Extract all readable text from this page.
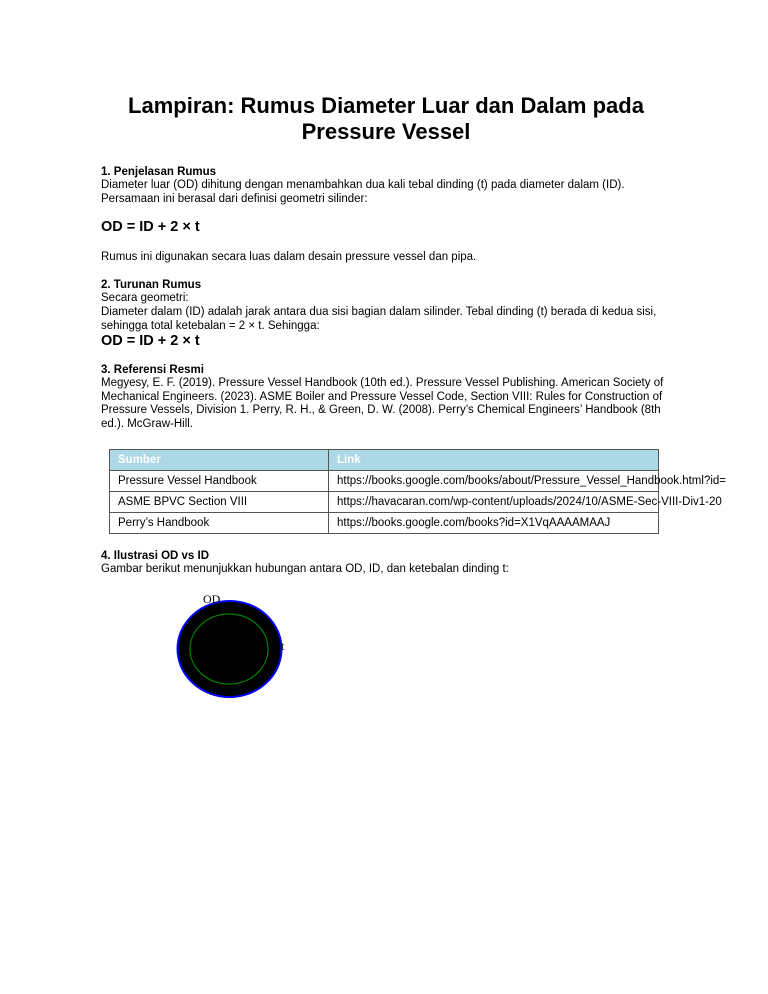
Lampiran: Rumus Diameter Luar dan Dalam pada Pressure Vessel
1. Penjelasan Rumus
Diameter luar (OD) dihitung dengan menambahkan dua kali tebal dinding (t) pada diameter dalam (ID). Persamaan ini berasal dari definisi geometri silinder:
OD = ID + 2 × t
Rumus ini digunakan secara luas dalam desain pressure vessel dan pipa.
2. Turunan Rumus
Secara geometri:
Diameter dalam (ID) adalah jarak antara dua sisi bagian dalam silinder. Tebal dinding (t) berada di kedua sisi, sehingga total ketebalan = 2 × t. Sehingga:
OD = ID + 2 × t
3. Referensi Resmi
Megyesy, E. F. (2019). Pressure Vessel Handbook (10th ed.). Pressure Vessel Publishing. American Society of Mechanical Engineers. (2023). ASME Boiler and Pressure Vessel Code, Section VIII: Rules for Construction of Pressure Vessels, Division 1. Perry, R. H., & Green, D. W. (2008). Perry’s Chemical Engineers’ Handbook (8th ed.). McGraw-Hill.
Sumber	Link
Pressure Vessel Handbook	https://books.google.com/books/about/Pressure_Vessel_Handbook.html?id=
ASME BPVC Section VIII	https://havacaran.com/wp-content/uploads/2024/10/ASME-Sec-VIII-Div1-20
Perry’s Handbook	https://books.google.com/books?id=X1VqAAAAMAAJ
4. Ilustrasi OD vs ID
Gambar berikut menunjukkan hubungan antara OD, ID, dan ketebalan dinding t:
OD
t
